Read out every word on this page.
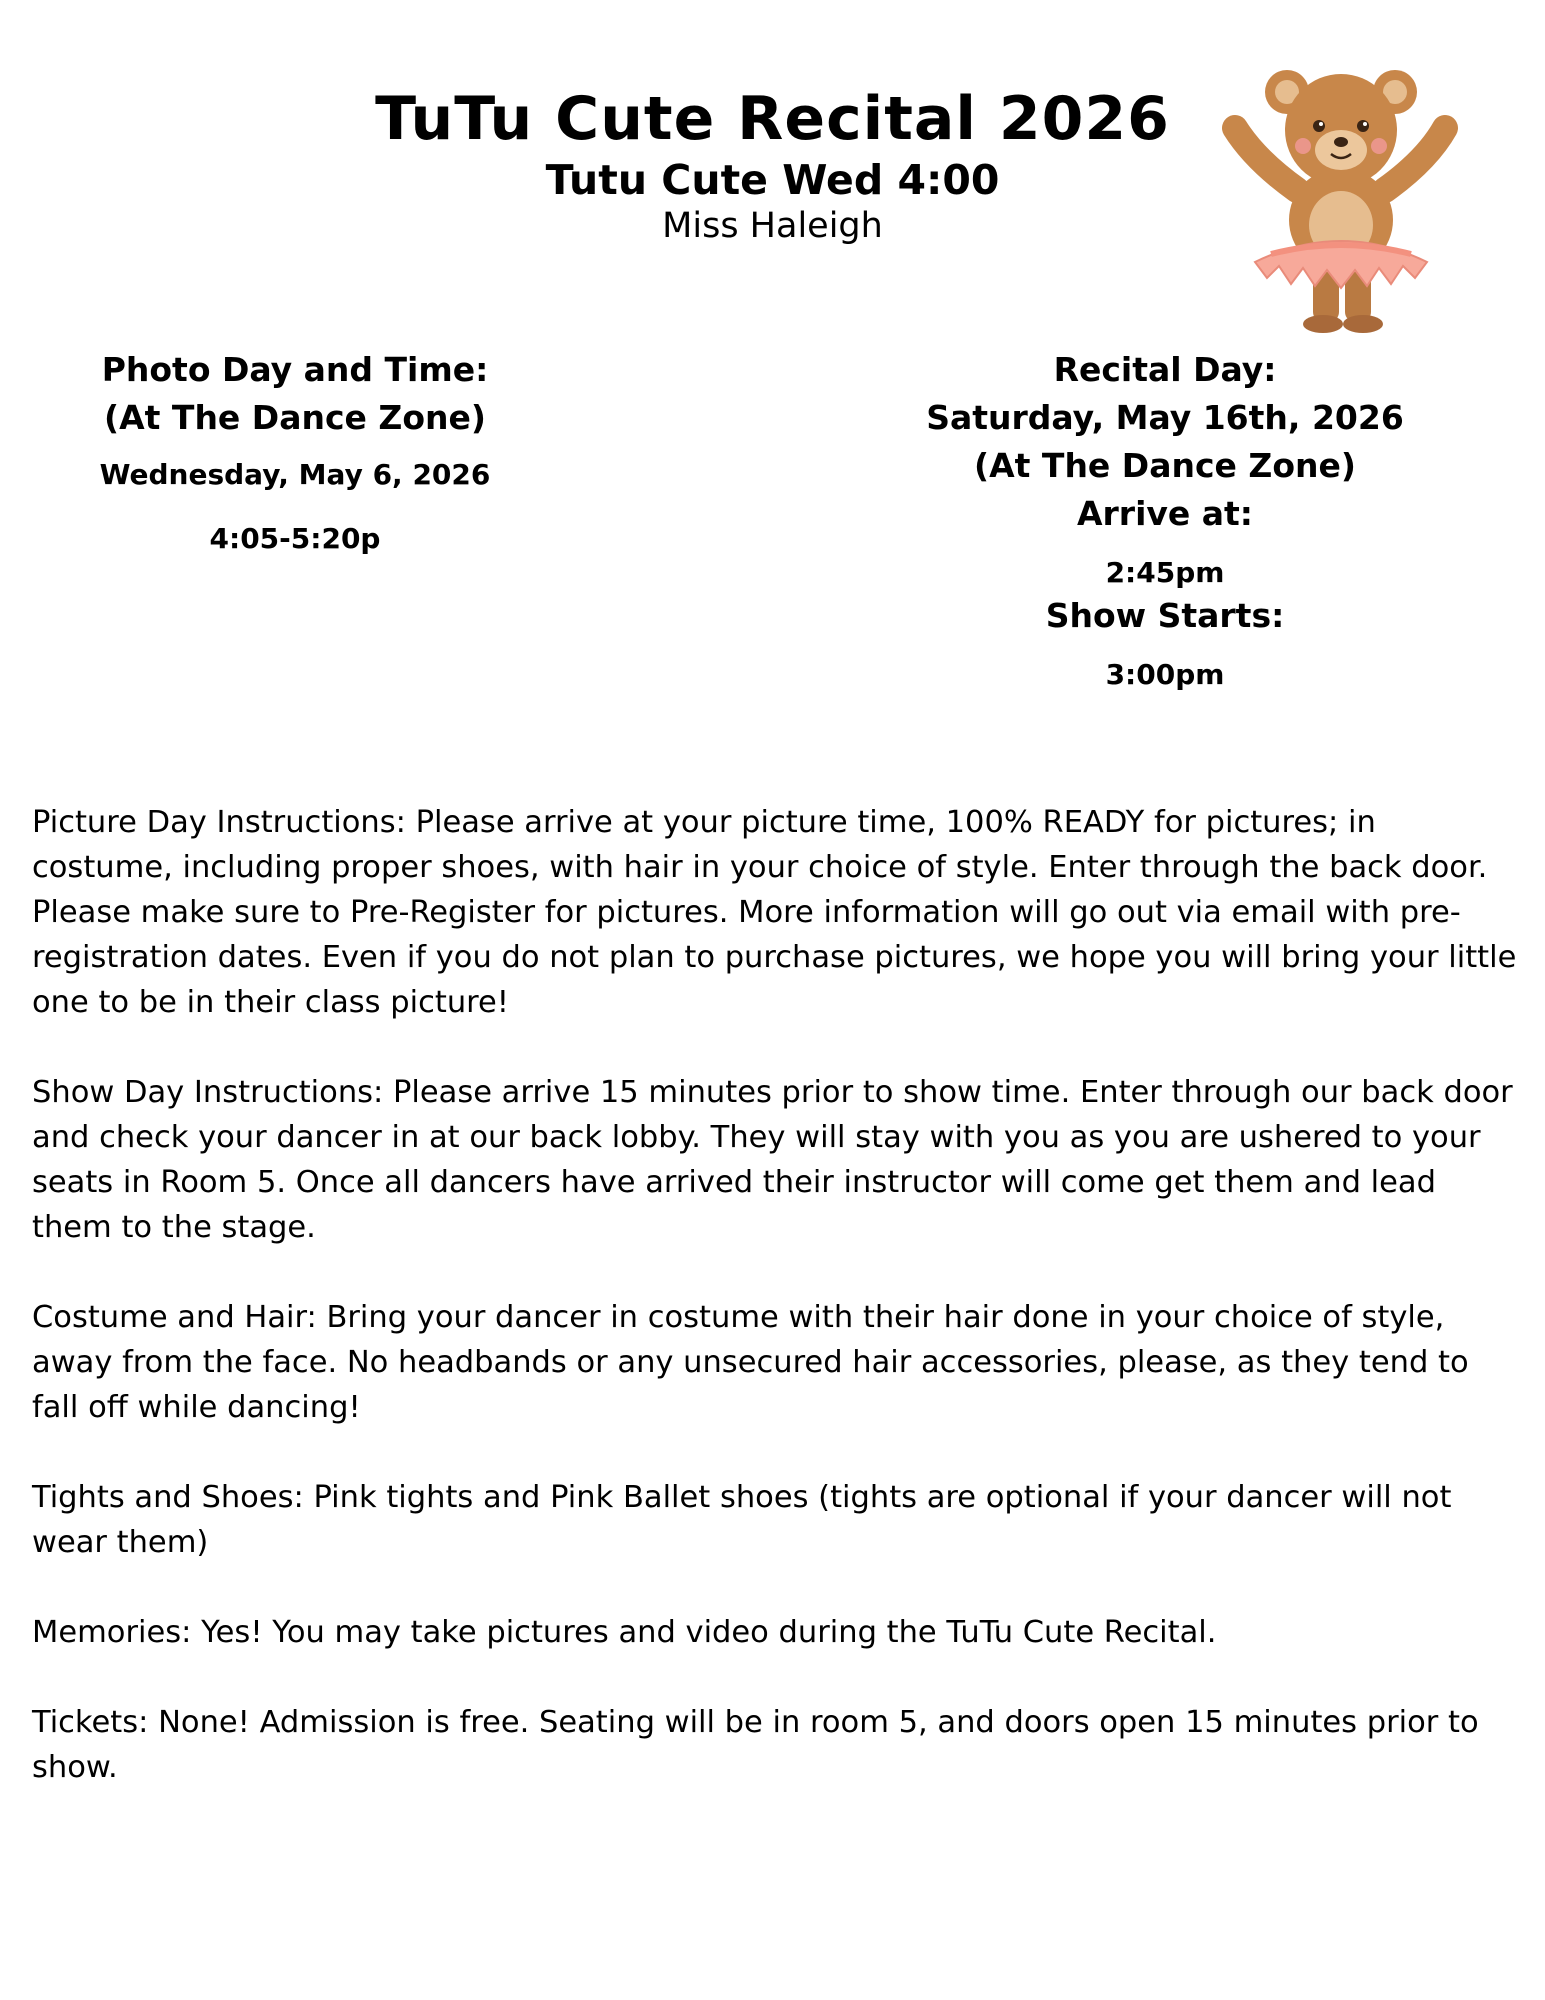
TuTu Cute Recital 2026
Tutu Cute Wed 4:00
Miss Haleigh
Photo Day and Time:
(At The Dance Zone)
Wednesday, May 6, 2026
4:05-5:20p
Recital Day:
Saturday, May 16th, 2026
(At The Dance Zone)
Arrive at:
2:45pm
Show Starts:
3:00pm

Picture Day Instructions: Please arrive at your picture time, 100% READY for pictures; in costume, including proper shoes, with hair in your choice of style. Enter through the back door. Please make sure to Pre-Register for pictures. More information will go out via email with pre-registration dates. Even if you do not plan to purchase pictures, we hope you will bring your little one to be in their class picture!

Show Day Instructions: Please arrive 15 minutes prior to show time. Enter through our back door and check your dancer in at our back lobby. They will stay with you as you are ushered to your seats in Room 5. Once all dancers have arrived their instructor will come get them and lead them to the stage.

Costume and Hair: Bring your dancer in costume with their hair done in your choice of style, away from the face. No headbands or any unsecured hair accessories, please, as they tend to fall off while dancing!

Tights and Shoes: Pink tights and Pink Ballet shoes (tights are optional if your dancer will not wear them)

Memories: Yes! You may take pictures and video during the TuTu Cute Recital.

Tickets: None! Admission is free. Seating will be in room 5, and doors open 15 minutes prior to show.
